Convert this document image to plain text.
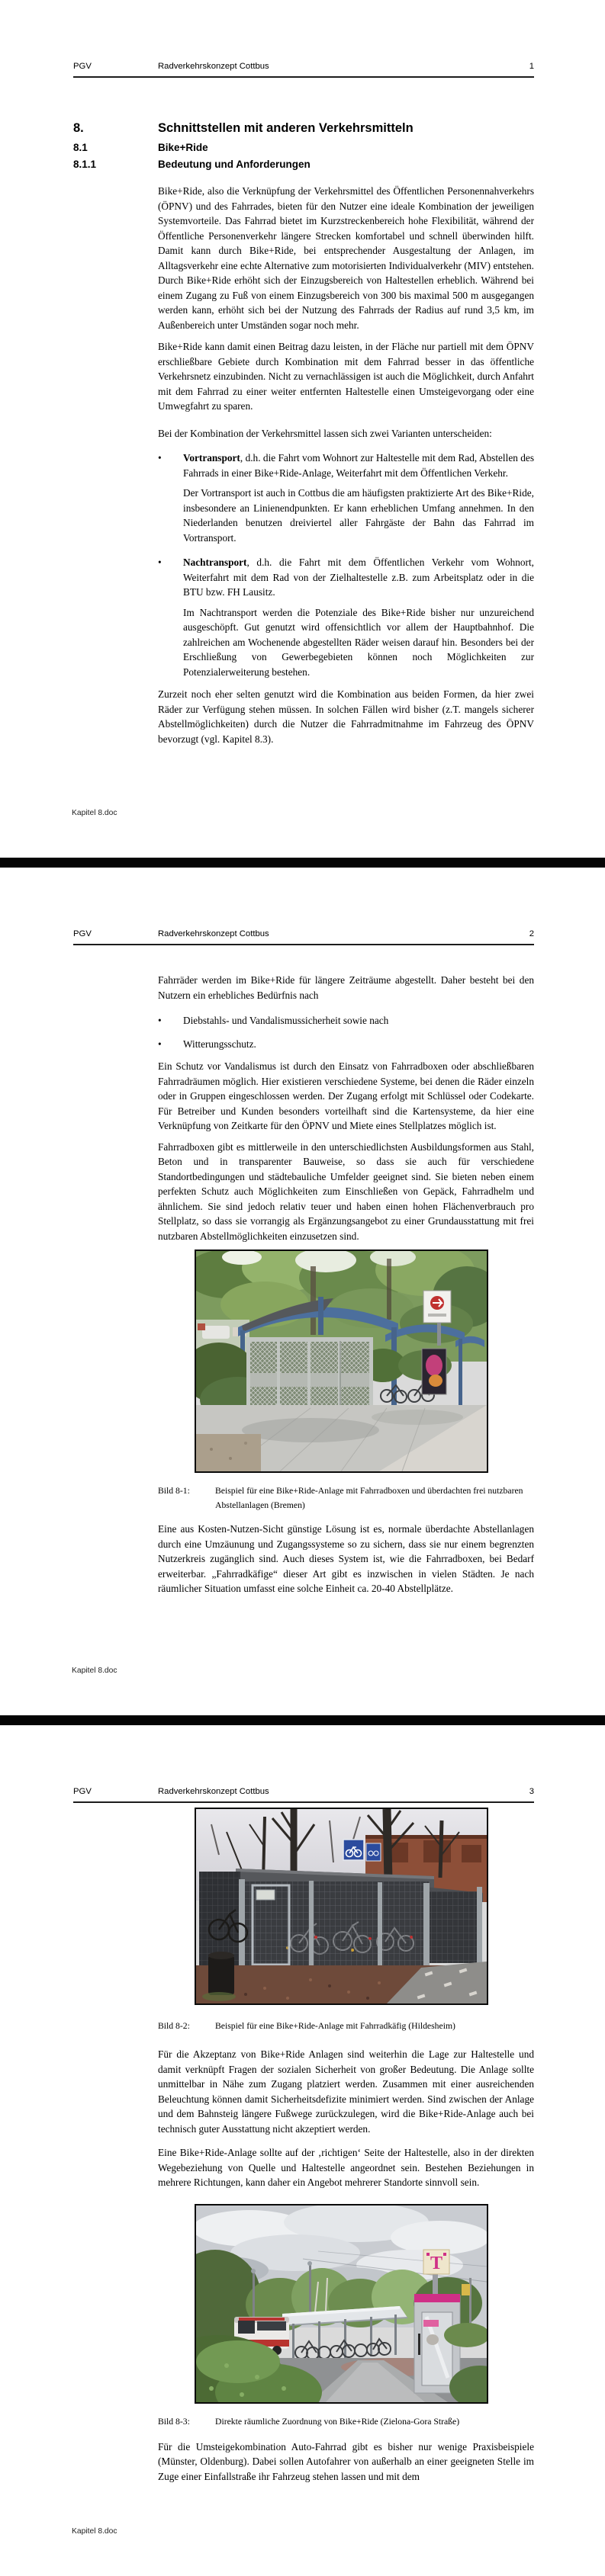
PGV	Radverkehrskonzept Cottbus	1
8.	Schnittstellen mit anderen Verkehrsmitteln
8.1	Bike+Ride
8.1.1	Bedeutung und Anforderungen

Bike+Ride, also die Verknüpfung der Verkehrsmittel des Öffentlichen Personennahverkehrs (ÖPNV) und des Fahrrades, bieten für den Nutzer eine ideale Kombination der jeweiligen Systemvorteile. Das Fahrrad bietet im Kurzstreckenbereich hohe Flexibilität, während der Öffentliche Personenverkehr längere Strecken komfortabel und schnell überwinden hilft. Damit kann durch Bike+Ride, bei entsprechender Ausgestaltung der Anlagen, im Alltagsverkehr eine echte Alternative zum motorisierten Individualverkehr (MIV) entstehen. Durch Bike+Ride erhöht sich der Einzugsbereich von Haltestellen erheblich. Während bei einem Zugang zu Fuß von einem Einzugsbereich von 300 bis maximal 500 m ausgegangen werden kann, erhöht sich bei der Nutzung des Fahrrads der Radius auf rund 3,5 km, im Außenbereich unter Umständen sogar noch mehr.

Bike+Ride kann damit einen Beitrag dazu leisten, in der Fläche nur partiell mit dem ÖPNV erschließbare Gebiete durch Kombination mit dem Fahrrad besser in das öffentliche Verkehrsnetz einzubinden. Nicht zu vernachlässigen ist auch die Möglichkeit, durch Anfahrt mit dem Fahrrad zu einer weiter entfernten Haltestelle einen Umsteigevorgang oder eine Umwegfahrt zu sparen.

Bei der Kombination der Verkehrsmittel lassen sich zwei Varianten unterscheiden:

•	Vortransport, d.h. die Fahrt vom Wohnort zur Haltestelle mit dem Rad, Abstellen des Fahrrads in einer Bike+Ride-Anlage, Weiterfahrt mit dem Öffentlichen Verkehr.

Der Vortransport ist auch in Cottbus die am häufigsten praktizierte Art des Bike+Ride, insbesondere an Linienendpunkten. Er kann erheblichen Umfang annehmen. In den Niederlanden benutzen dreiviertel aller Fahrgäste der Bahn das Fahrrad im Vortransport.

•	Nachtransport, d.h. die Fahrt mit dem Öffentlichen Verkehr vom Wohnort, Weiterfahrt mit dem Rad von der Zielhaltestelle z.B. zum Arbeitsplatz oder in die BTU bzw. FH Lausitz.

Im Nachtransport werden die Potenziale des Bike+Ride bisher nur unzureichend ausgeschöpft. Gut genutzt wird offensichtlich vor allem der Hauptbahnhof. Die zahlreichen am Wochenende abgestellten Räder weisen darauf hin. Besonders bei der Erschließung von Gewerbegebieten können noch Möglichkeiten zur Potenzialerweiterung bestehen.

Zurzeit noch eher selten genutzt wird die Kombination aus beiden Formen, da hier zwei Räder zur Verfügung stehen müssen. In solchen Fällen wird bisher (z.T. mangels sicherer Abstellmöglichkeiten) durch die Nutzer die Fahrradmitnahme im Fahrzeug des ÖPNV bevorzugt (vgl. Kapitel 8.3).

Kapitel 8.doc
PGV	Radverkehrskonzept Cottbus	2

Fahrräder werden im Bike+Ride für längere Zeiträume abgestellt. Daher besteht bei den Nutzern ein erhebliches Bedürfnis nach

•	Diebstahls- und Vandalismussicherheit sowie nach

•	Witterungsschutz.

Ein Schutz vor Vandalismus ist durch den Einsatz von Fahrradboxen oder abschließbaren Fahrradräumen möglich. Hier existieren verschiedene Systeme, bei denen die Räder einzeln oder in Gruppen eingeschlossen werden. Der Zugang erfolgt mit Schlüssel oder Codekarte. Für Betreiber und Kunden besonders vorteilhaft sind die Kartensysteme, da hier eine Verknüpfung von Zeitkarte für den ÖPNV und Miete eines Stellplatzes möglich ist.

Fahrradboxen gibt es mittlerweile in den unterschiedlichsten Ausbildungsformen aus Stahl, Beton und in transparenter Bauweise, so dass sie auch für verschiedene Standortbedingungen und städtebauliche Umfelder geeignet sind. Sie bieten neben einem perfekten Schutz auch Möglichkeiten zum Einschließen von Gepäck, Fahrradhelm und ähnlichem. Sie sind jedoch relativ teuer und haben einen hohen Flächenverbrauch pro Stellplatz, so dass sie vorrangig als Ergänzungsangebot zu einer Grundausstattung mit frei nutzbaren Abstellmöglichkeiten einzusetzen sind.

Bild 8-1:	Beispiel für eine Bike+Ride-Anlage mit Fahrradboxen und überdachten frei nutzbaren Abstellanlagen (Bremen)

Eine aus Kosten-Nutzen-Sicht günstige Lösung ist es, normale überdachte Abstellanlagen durch eine Umzäunung und Zugangssysteme so zu sichern, dass sie nur einem begrenzten Nutzerkreis zugänglich sind. Auch dieses System ist, wie die Fahrradboxen, bei Bedarf erweiterbar. „Fahrradkäfige“ dieser Art gibt es inzwischen in vielen Städten. Je nach räumlicher Situation umfasst eine solche Einheit ca. 20-40 Abstellplätze.

Kapitel 8.doc
PGV	Radverkehrskonzept Cottbus	3
Bild 8-2:	Beispiel für eine Bike+Ride-Anlage mit Fahrradkäfig (Hildesheim)

Für die Akzeptanz von Bike+Ride Anlagen sind weiterhin die Lage zur Haltestelle und damit verknüpft Fragen der sozialen Sicherheit von großer Bedeutung. Die Anlage sollte unmittelbar in Nähe zum Zugang platziert werden. Zusammen mit einer ausreichenden Beleuchtung können damit Sicherheitsdefizite minimiert werden. Sind zwischen der Anlage und dem Bahnsteig längere Fußwege zurückzulegen, wird die Bike+Ride-Anlage auch bei technisch guter Ausstattung nicht akzeptiert werden.

Eine Bike+Ride-Anlage sollte auf der ‚richtigen‘ Seite der Haltestelle, also in der direkten Wegebeziehung von Quelle und Haltestelle angeordnet sein. Bestehen Beziehungen in mehrere Richtungen, kann daher ein Angebot mehrerer Standorte sinnvoll sein.

T
Bild 8-3:	Direkte räumliche Zuordnung von Bike+Ride (Zielona-Gora Straße)

Für die Umsteigekombination Auto-Fahrrad gibt es bisher nur wenige Praxisbeispiele (Münster, Oldenburg). Dabei sollen Autofahrer von außerhalb an einer geeigneten Stelle im Zuge einer Einfallstraße ihr Fahrzeug stehen lassen und mit dem

Kapitel 8.doc
